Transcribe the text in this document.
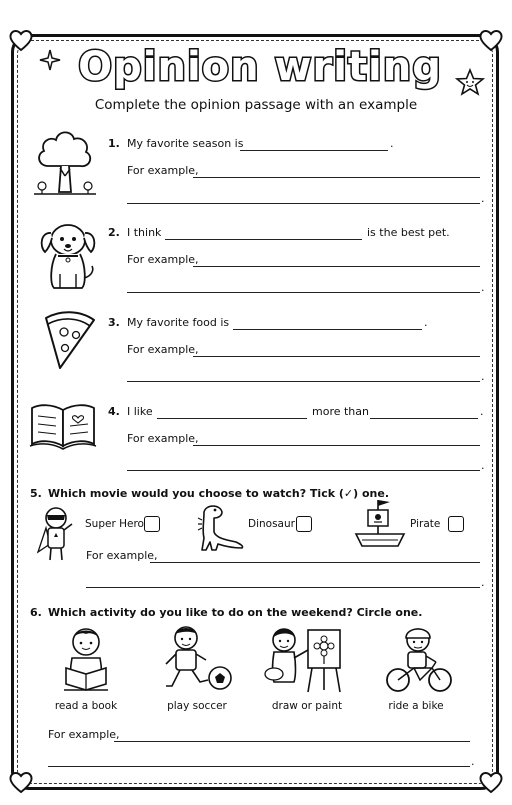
Opinion writing
Complete the opinion passage with an example
1. My favorite season is	.
For example,
.
2. I think	is the best pet.
For example,
.
3. My favorite food is	.
For example,
.
4. I like	more than	.
For example,
.
5. Which movie would you choose to watch? Tick (✓) one.
Super Hero	Dinosaur	Pirate
For example,
.
6. Which activity do you like to do on the weekend? Circle one.
read a book	play soccer	draw or paint	ride a bike
For example,
.
